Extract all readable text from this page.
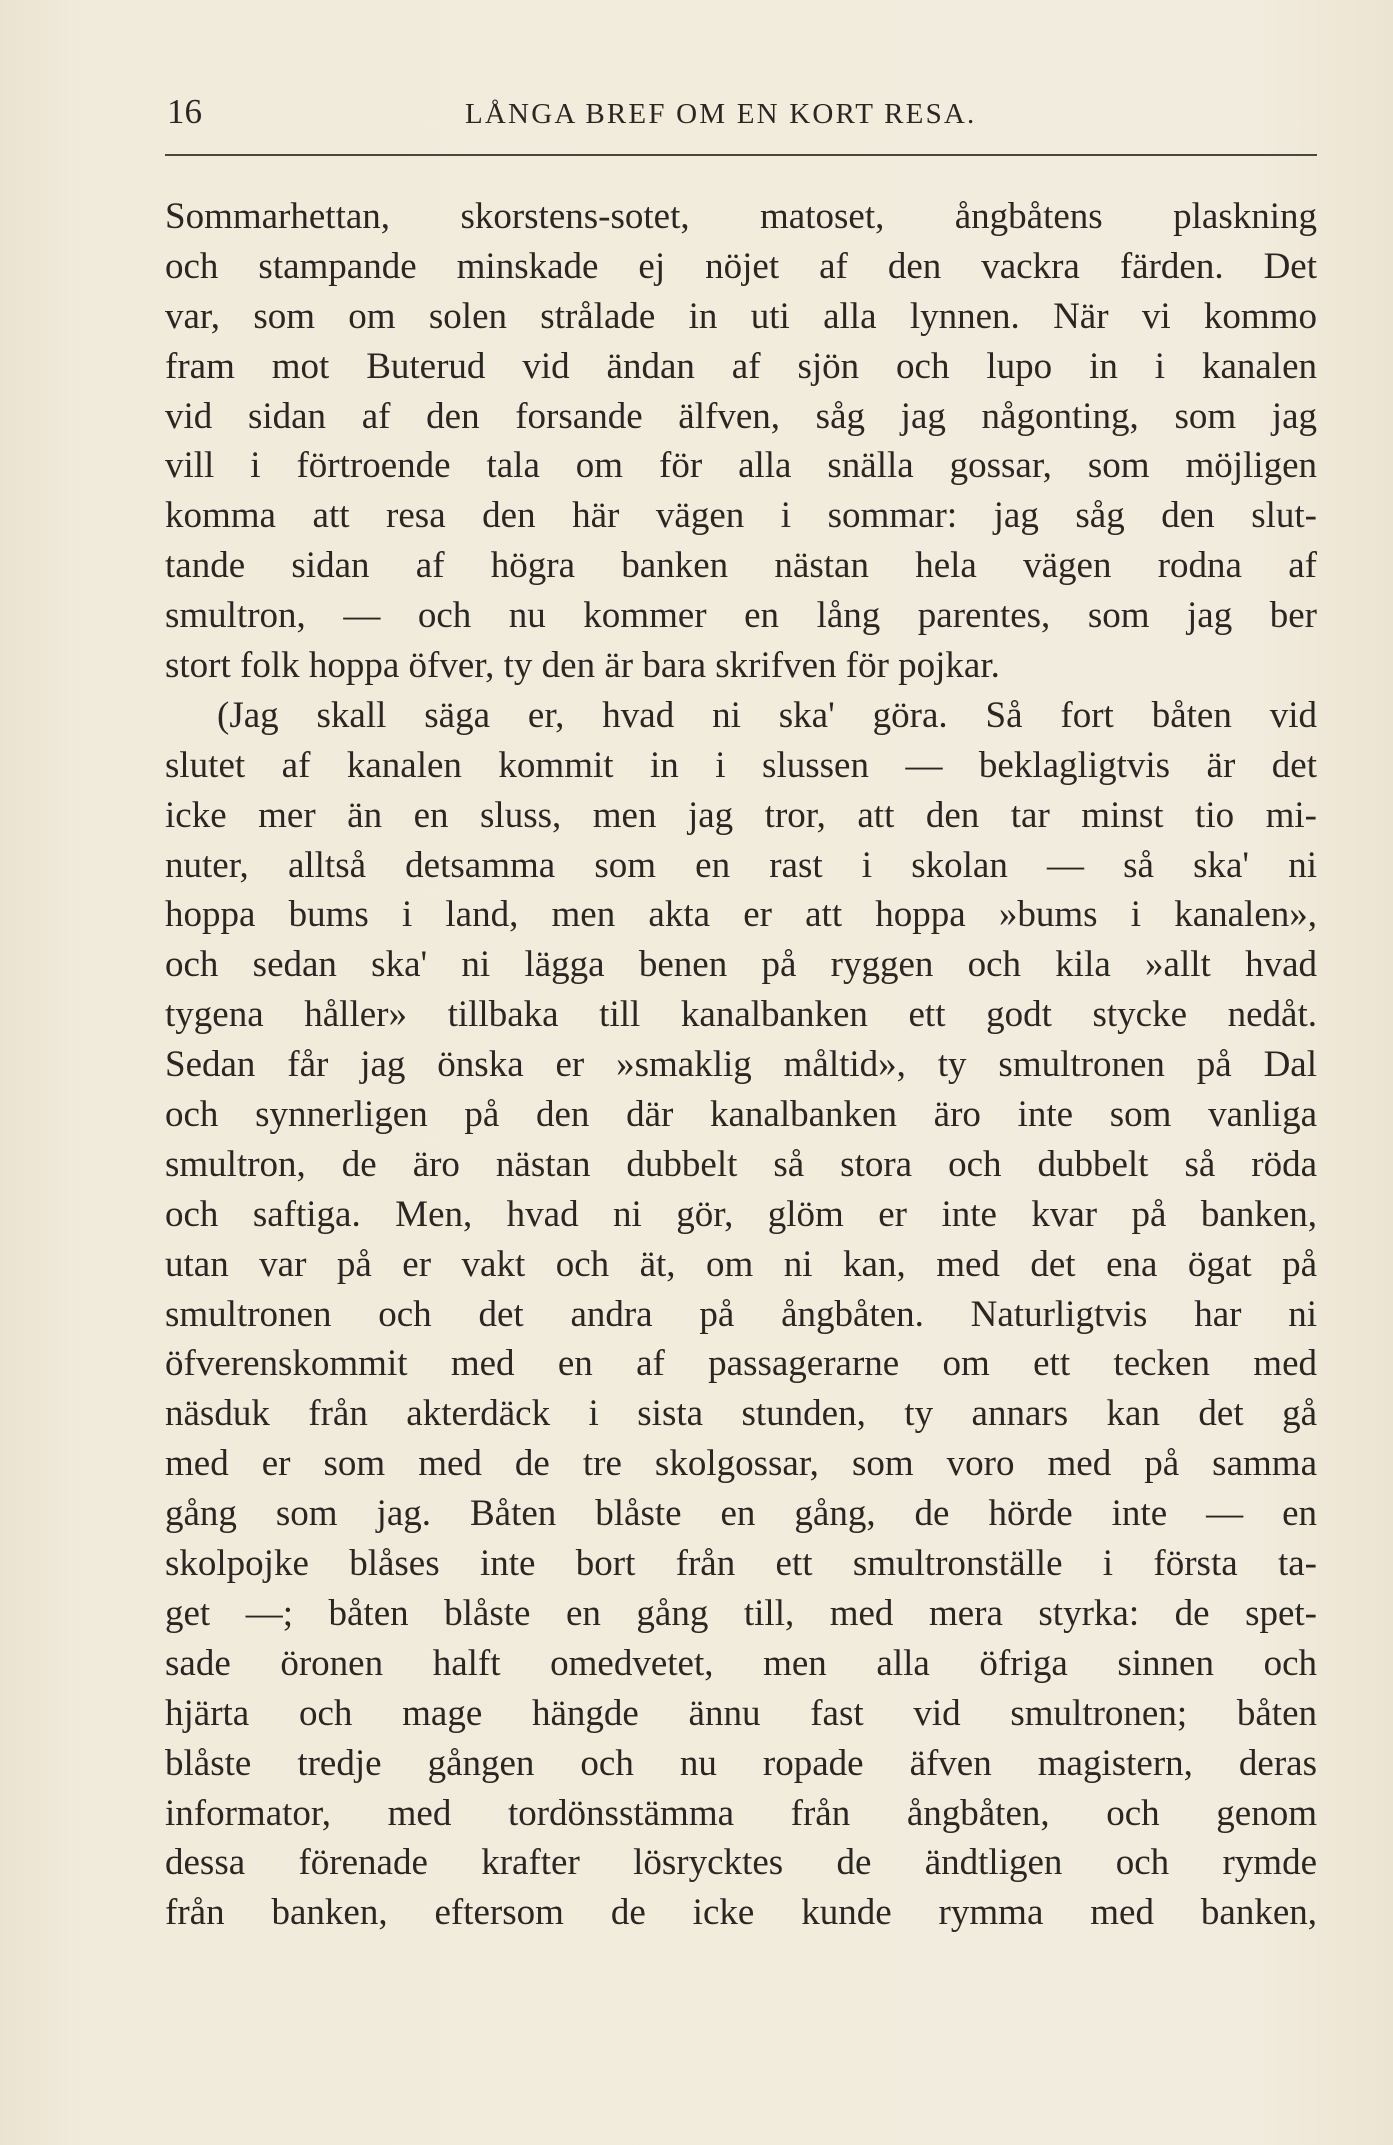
16	LÅNGA BREF OM EN KORT RESA.
Sommarhettan, skorstens-sotet, matoset, ångbåtens plaskning
och stampande minskade ej nöjet af den vackra färden. Det
var, som om solen strålade in uti alla lynnen. När vi kommo
fram mot Buterud vid ändan af sjön och lupo in i kanalen
vid sidan af den forsande älfven, såg jag någonting, som jag
vill i förtroende tala om för alla snälla gossar, som möjligen
komma att resa den här vägen i sommar: jag såg den slut-
tande sidan af högra banken nästan hela vägen rodna af
smultron, — och nu kommer en lång parentes, som jag ber
stort folk hoppa öfver, ty den är bara skrifven för pojkar.
(Jag skall säga er, hvad ni ska' göra. Så fort båten vid
slutet af kanalen kommit in i slussen — beklagligtvis är det
icke mer än en sluss, men jag tror, att den tar minst tio mi-
nuter, alltså detsamma som en rast i skolan — så ska' ni
hoppa bums i land, men akta er att hoppa »bums i kanalen»,
och sedan ska' ni lägga benen på ryggen och kila »allt hvad
tygena håller» tillbaka till kanalbanken ett godt stycke nedåt.
Sedan får jag önska er »smaklig måltid», ty smultronen på Dal
och synnerligen på den där kanalbanken äro inte som vanliga
smultron, de äro nästan dubbelt så stora och dubbelt så röda
och saftiga. Men, hvad ni gör, glöm er inte kvar på banken,
utan var på er vakt och ät, om ni kan, med det ena ögat på
smultronen och det andra på ångbåten. Naturligtvis har ni
öfverenskommit med en af passagerarne om ett tecken med
näsduk från akterdäck i sista stunden, ty annars kan det gå
med er som med de tre skolgossar, som voro med på samma
gång som jag. Båten blåste en gång, de hörde inte — en
skolpojke blåses inte bort från ett smultronställe i första ta-
get —; båten blåste en gång till, med mera styrka: de spet-
sade öronen halft omedvetet, men alla öfriga sinnen och
hjärta och mage hängde ännu fast vid smultronen; båten
blåste tredje gången och nu ropade äfven magistern, deras
informator, med tordönsstämma från ångbåten, och genom
dessa förenade krafter lösrycktes de ändtligen och rymde
från banken, eftersom de icke kunde rymma med banken,
